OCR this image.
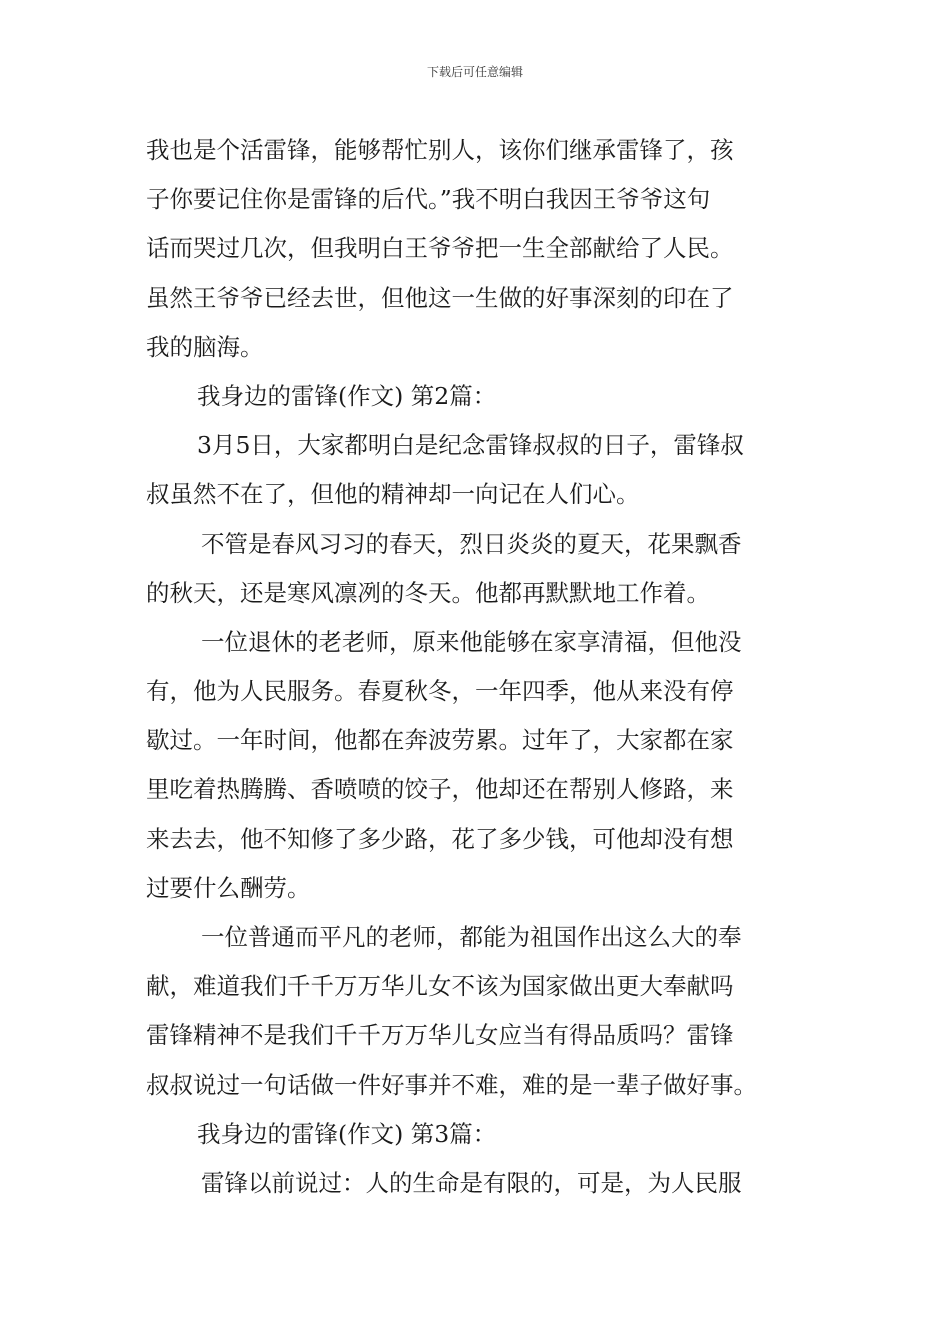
下载后可任意编辑
我也是个活雷锋，能够帮忙别人，该你们继承雷锋了，孩
子你要记住你是雷锋的后代。”我不明白我因王爷爷这句
话而哭过几次，但我明白王爷爷把一生全部献给了人民。
虽然王爷爷已经去世，但他这一生做的好事深刻的印在了
我的脑海。
我身边的雷锋(作文) 第2篇：
3月5日，大家都明白是纪念雷锋叔叔的日子，雷锋叔
叔虽然不在了，但他的精神却一向记在人们心。
不管是春风习习的春天，烈日炎炎的夏天，花果飘香
的秋天，还是寒风凛冽的冬天。他都再默默地工作着。
一位退休的老老师，原来他能够在家享清福，但他没
有，他为人民服务。春夏秋冬，一年四季，他从来没有停
歇过。一年时间，他都在奔波劳累。过年了，大家都在家
里吃着热腾腾、香喷喷的饺子，他却还在帮别人修路，来
来去去，他不知修了多少路，花了多少钱，可他却没有想
过要什么酬劳。
一位普通而平凡的老师，都能为祖国作出这么大的奉
献，难道我们千千万万华儿女不该为国家做出更大奉献吗
雷锋精神不是我们千千万万华儿女应当有得品质吗？雷锋
叔叔说过一句话做一件好事并不难，难的是一辈子做好事。
我身边的雷锋(作文) 第3篇：
雷锋以前说过：人的生命是有限的，可是，为人民服
